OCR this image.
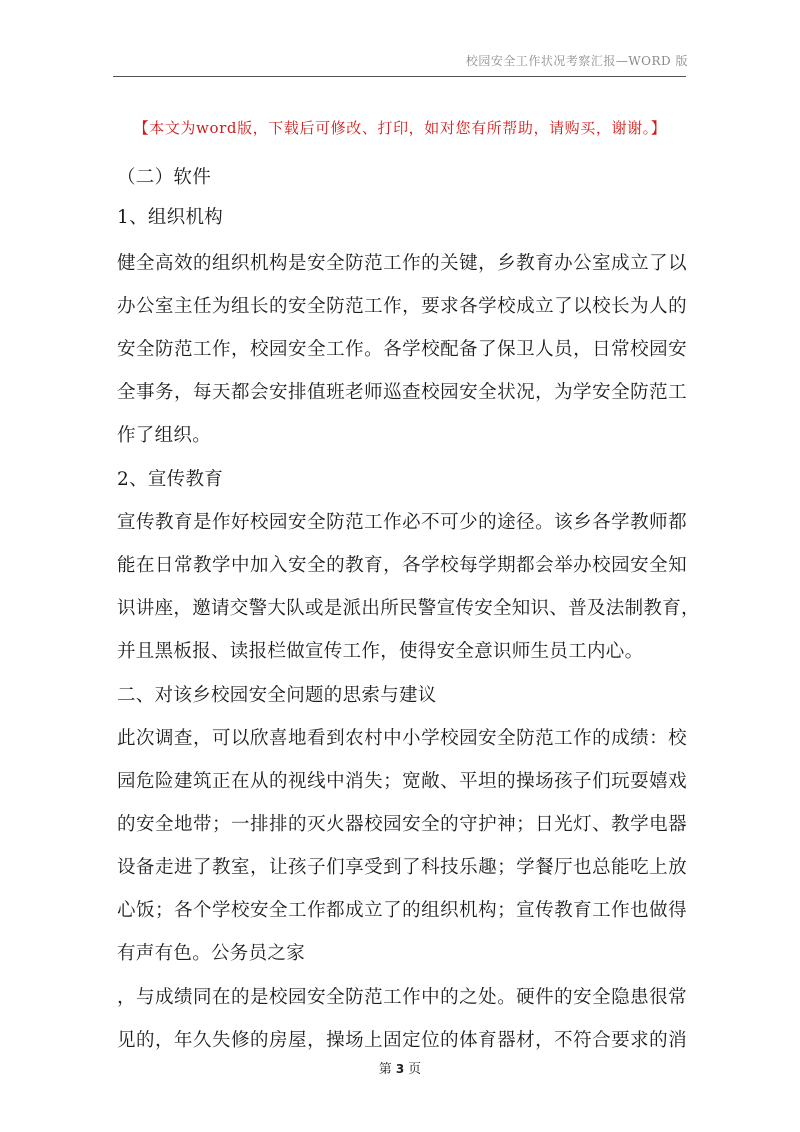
校园安全工作状况考察汇报—WORD 版
【本文为word版，下载后可修改、打印，如对您有所帮助，请购买，谢谢。】
（二）软件
1、组织机构
健全高效的组织机构是安全防范工作的关键，乡教育办公室成立了以
办公室主任为组长的安全防范工作，要求各学校成立了以校长为人的
安全防范工作，校园安全工作。各学校配备了保卫人员，日常校园安
全事务，每天都会安排值班老师巡查校园安全状况，为学安全防范工
作了组织。
2、宣传教育
宣传教育是作好校园安全防范工作必不可少的途径。该乡各学教师都
能在日常教学中加入安全的教育，各学校每学期都会举办校园安全知
识讲座，邀请交警大队或是派出所民警宣传安全知识、普及法制教育，
并且黑板报、读报栏做宣传工作，使得安全意识师生员工内心。
二、对该乡校园安全问题的思索与建议
此次调查，可以欣喜地看到农村中小学校园安全防范工作的成绩：校
园危险建筑正在从的视线中消失；宽敞、平坦的操场孩子们玩耍嬉戏
的安全地带；一排排的灭火器校园安全的守护神；日光灯、教学电器
设备走进了教室，让孩子们享受到了科技乐趣；学餐厅也总能吃上放
心饭；各个学校安全工作都成立了的组织机构；宣传教育工作也做得
有声有色。公务员之家
，与成绩同在的是校园安全防范工作中的之处。硬件的安全隐患很常
见的，年久失修的房屋，操场上固定位的体育器材，不符合要求的消
第 3 页
